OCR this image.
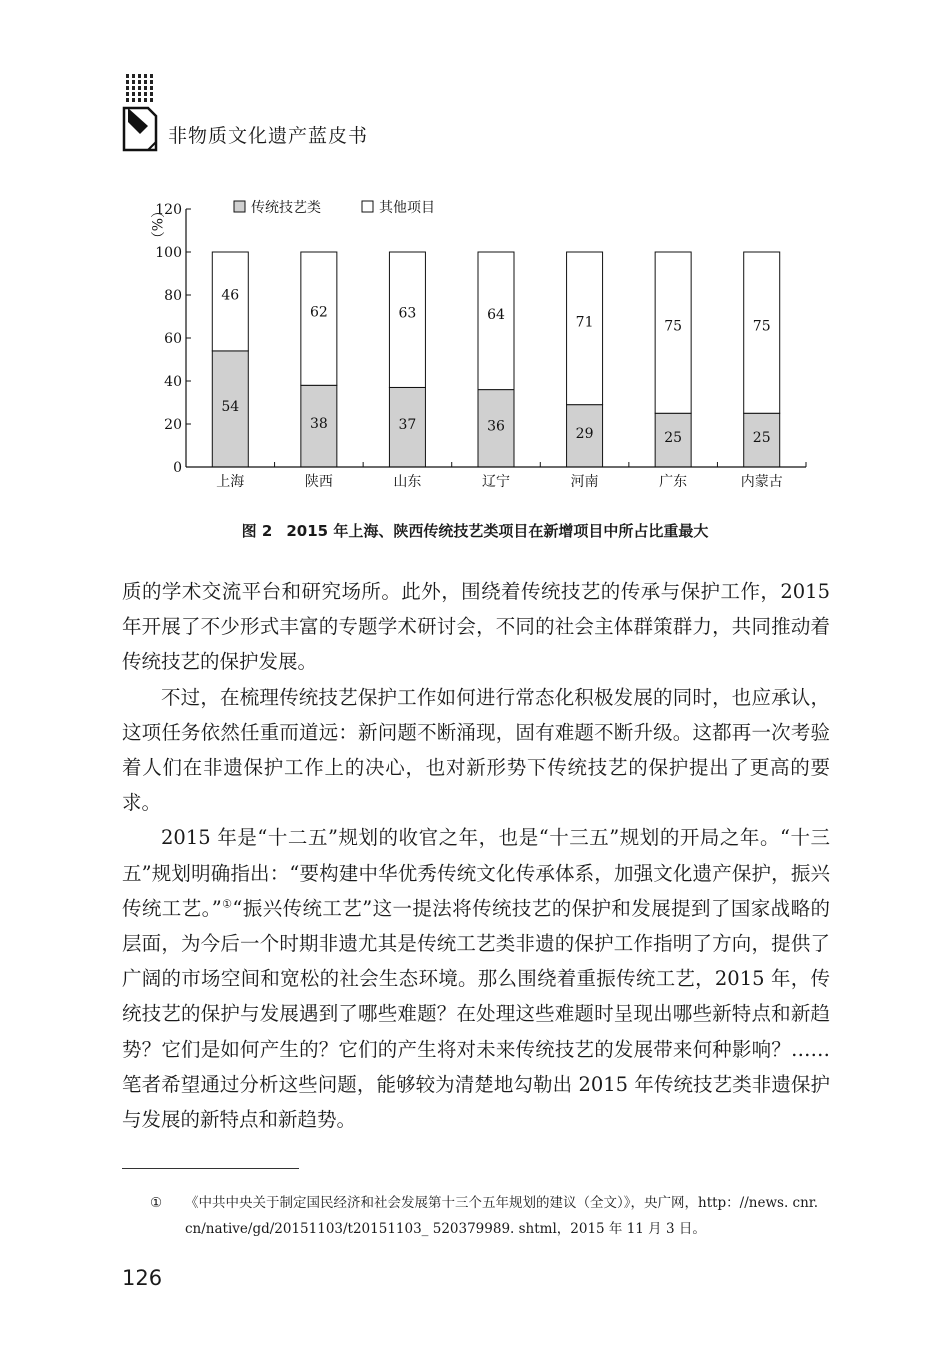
非物质文化遗产蓝皮书
0
20
40
60
80
100
120
（%）
54
46
38
62
37
63
36
64
29
71
25
75
25
75
上海	陕西	山东	辽宁	河南	广东	内蒙古
传统技艺类	其他项目
图 2 2015 年上海、陕西传统技艺类项目在新增项目中所占比重最大

质的学术交流平台和研究场所。此外，围绕着传统技艺的传承与保护工作，2015 年开展了不少形式丰富的专题学术研讨会，不同的社会主体群策群力，共同推动着传统技艺的保护发展。

不过，在梳理传统技艺保护工作如何进行常态化积极发展的同时，也应承认，这项任务依然任重而道远：新问题不断涌现，固有难题不断升级。这都再一次考验着人们在非遗保护工作上的决心，也对新形势下传统技艺的保护提出了更高的要求。

2015 年是“十二五”规划的收官之年，也是“十三五”规划的开局之年。“十三五”规划明确指出：“要构建中华优秀传统文化传承体系，加强文化遗产保护，振兴传统工艺。”①“振兴传统工艺”这一提法将传统技艺的保护和发展提到了国家战略的层面，为今后一个时期非遗尤其是传统工艺类非遗的保护工作指明了方向，提供了广阔的市场空间和宽松的社会生态环境。那么围绕着重振传统工艺，2015 年，传统技艺的保护与发展遇到了哪些难题？在处理这些难题时呈现出哪些新特点和新趋势？它们是如何产生的？它们的产生将对未来传统技艺的发展带来何种影响？……笔者希望通过分析这些问题，能够较为清楚地勾勒出 2015 年传统技艺类非遗保护与发展的新特点和新趋势。

① 《中共中央关于制定国民经济和社会发展第十三个五年规划的建议（全文）》，央广网，http：//news. cnr. cn/native/gd/20151103/t20151103_ 520379989. shtml，2015 年 11 月 3 日。
126
